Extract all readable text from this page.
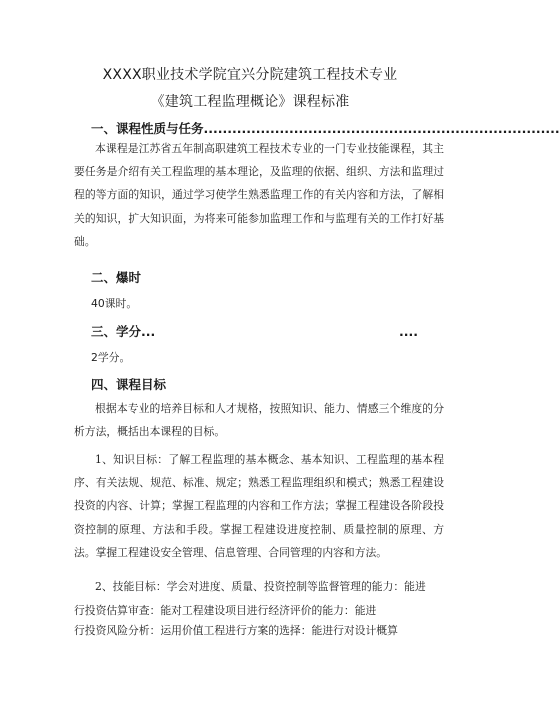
XXXX职业技术学院宜兴分院建筑工程技术专业
《建筑工程监理概论》课程标准
一、课程性质与任务...........................................................................

本课程是江苏省五年制高职建筑工程技术专业的一门专业技能课程，其主要任务是介绍有关工程监理的基本理论，及监理的依据、组织、方法和监理过程的等方面的知识，通过学习使学生熟悉监理工作的有关内容和方法，了解相关的知识，扩大知识面，为将来可能参加监理工作和与监理有关的工作打好基础。

二、爆时
40课时。
三、学分...                                                        ....
2学分。
四、课程目标

根据本专业的培养目标和人才规格，按照知识、能力、情感三个维度的分析方法，概括出本课程的目标。

1、知识目标：了解工程监理的基本概念、基本知识、工程监理的基本程序、有关法规、规范、标准、规定；熟悉工程监理组织和模式；熟悉工程建设投资的内容、计算；掌握工程监理的内容和工作方法；掌握工程建设各阶段投资控制的原理、方法和手段。掌握工程建设进度控制、质量控制的原理、方法。掌握工程建设安全管理、信息管理、合同管理的内容和方法。

2、技能目标：学会对进度、质量、投资控制等监督管理的能力：能进
行投资估算审查：能对工程建设项目进行经济评价的能力：能进
行投资风险分析：运用价值工程进行方案的选择：能进行对设计概算
